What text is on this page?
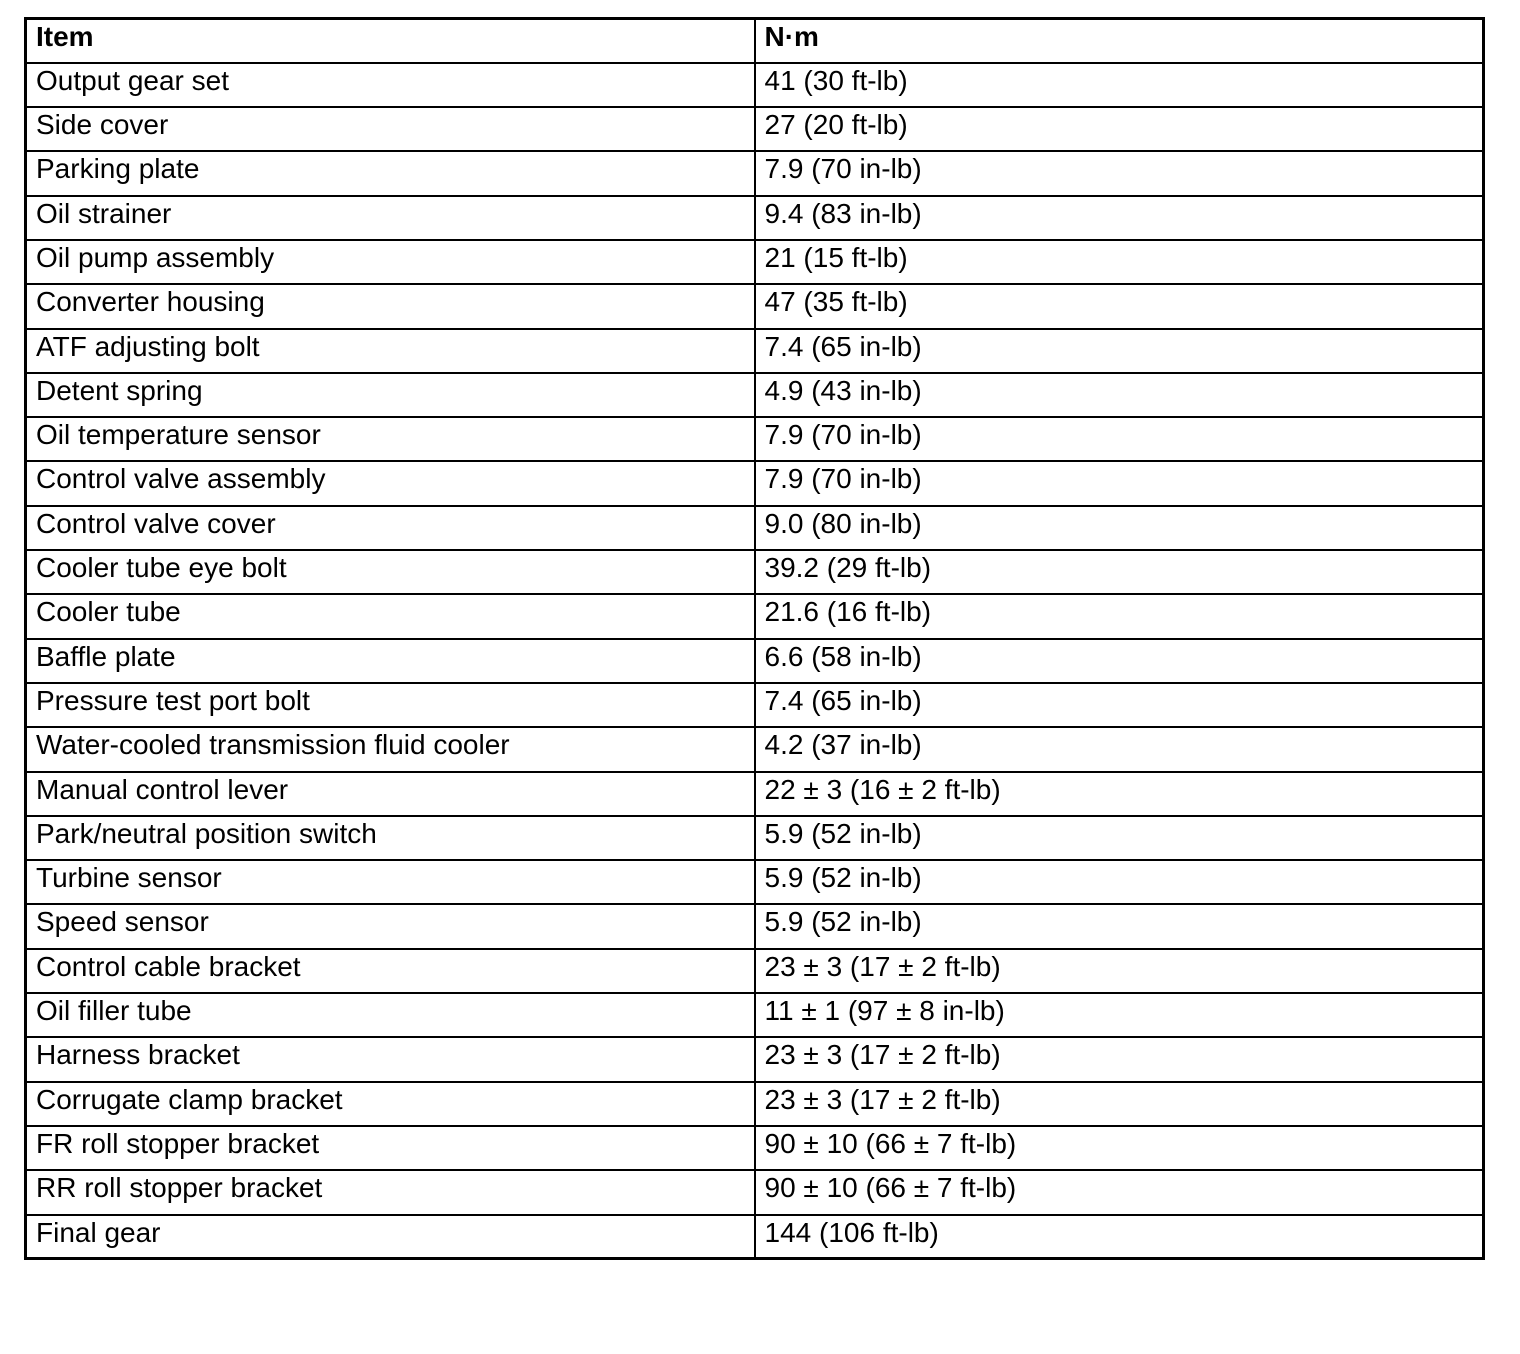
Item	N·m
Output gear set	41 (30 ft-lb)
Side cover	27 (20 ft-lb)
Parking plate	7.9 (70 in-lb)
Oil strainer	9.4 (83 in-lb)
Oil pump assembly	21 (15 ft-lb)
Converter housing	47 (35 ft-lb)
ATF adjusting bolt	7.4 (65 in-lb)
Detent spring	4.9 (43 in-lb)
Oil temperature sensor	7.9 (70 in-lb)
Control valve assembly	7.9 (70 in-lb)
Control valve cover	9.0 (80 in-lb)
Cooler tube eye bolt	39.2 (29 ft-lb)
Cooler tube	21.6 (16 ft-lb)
Baffle plate	6.6 (58 in-lb)
Pressure test port bolt	7.4 (65 in-lb)
Water-cooled transmission fluid cooler	4.2 (37 in-lb)
Manual control lever	22 ± 3 (16 ± 2 ft-lb)
Park/neutral position switch	5.9 (52 in-lb)
Turbine sensor	5.9 (52 in-lb)
Speed sensor	5.9 (52 in-lb)
Control cable bracket	23 ± 3 (17 ± 2 ft-lb)
Oil filler tube	11 ± 1 (97 ± 8 in-lb)
Harness bracket	23 ± 3 (17 ± 2 ft-lb)
Corrugate clamp bracket	23 ± 3 (17 ± 2 ft-lb)
FR roll stopper bracket	90 ± 10 (66 ± 7 ft-lb)
RR roll stopper bracket	90 ± 10 (66 ± 7 ft-lb)
Final gear	144 (106 ft-lb)
